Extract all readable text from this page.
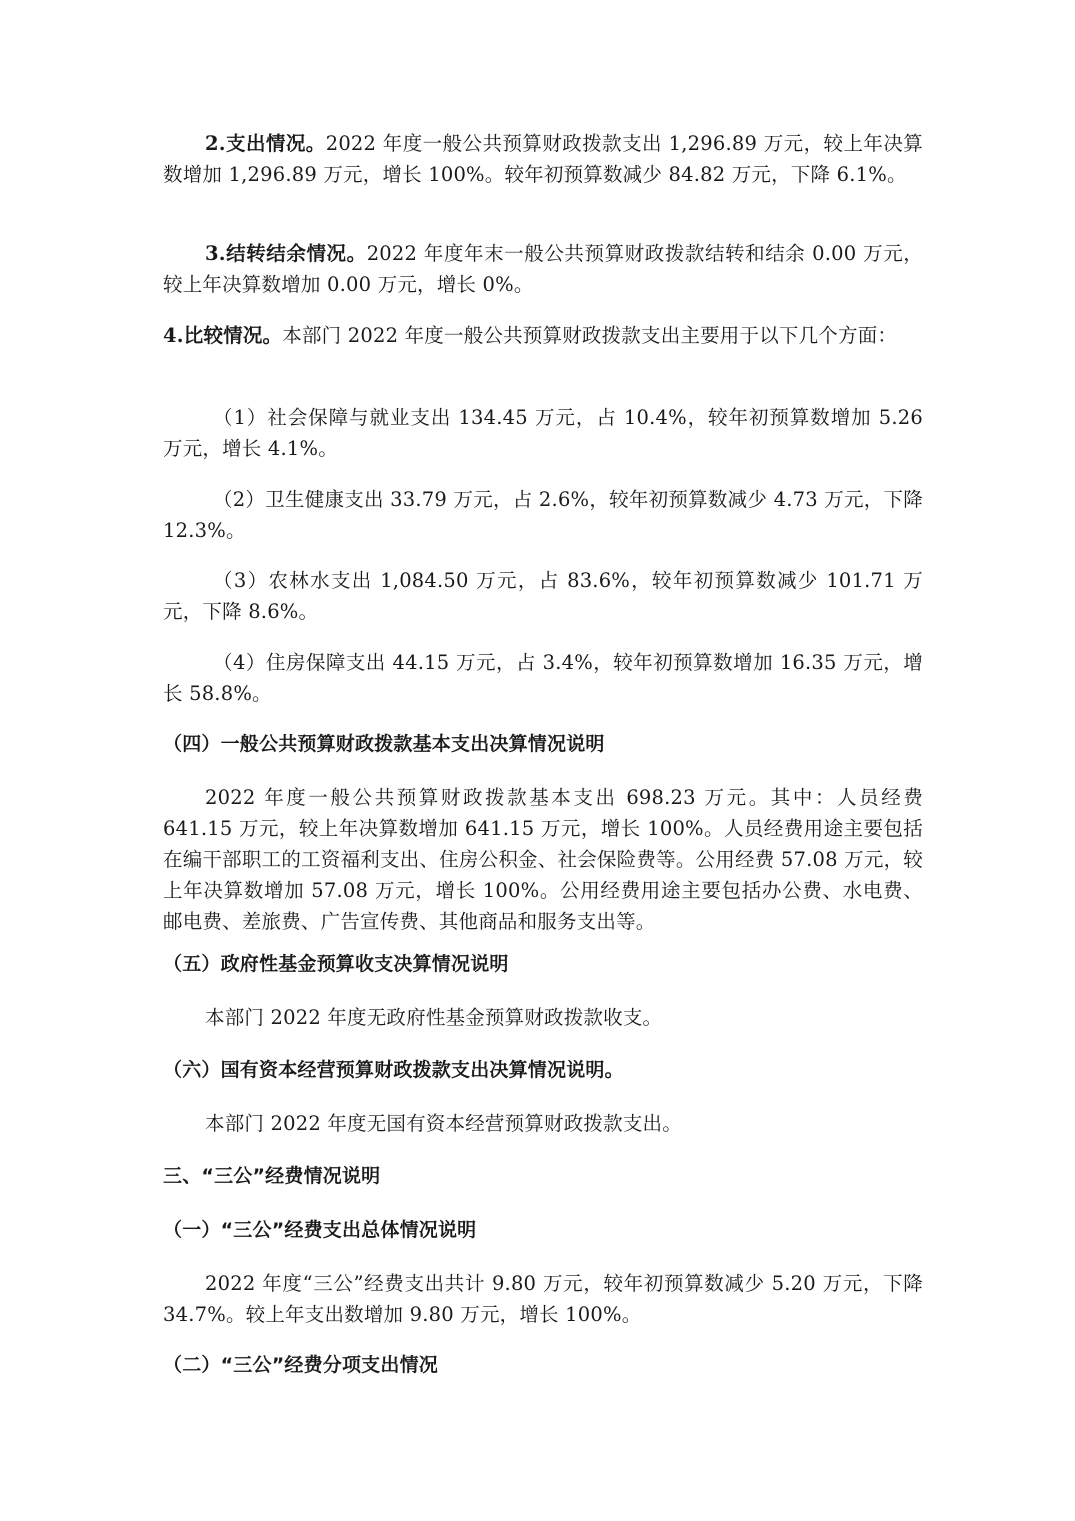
2.支出情况。2022 年度一般公共预算财政拨款支出 1,296.89 万元，较上年决算数增加 1,296.89 万元，增长 100%。较年初预算数减少 84.82 万元，下降 6.1%。

3.结转结余情况。2022 年度年末一般公共预算财政拨款结转和结余 0.00 万元，较上年决算数增加 0.00 万元，增长 0%。

4.比较情况。本部门 2022 年度一般公共预算财政拨款支出主要用于以下几个方面：

（1）社会保障与就业支出 134.45 万元，占 10.4%，较年初预算数增加 5.26 万元，增长 4.1%。

（2）卫生健康支出 33.79 万元，占 2.6%，较年初预算数减少 4.73 万元，下降 12.3%。

（3）农林水支出 1,084.50 万元，占 83.6%，较年初预算数减少 101.71 万元，下降 8.6%。

（4）住房保障支出 44.15 万元，占 3.4%，较年初预算数增加 16.35 万元，增长 58.8%。

（四）一般公共预算财政拨款基本支出决算情况说明

2022 年度一般公共预算财政拨款基本支出 698.23 万元。其中：人员经费 641.15 万元，较上年决算数增加 641.15 万元，增长 100%。人员经费用途主要包括在编干部职工的工资福利支出、住房公积金、社会保险费等。公用经费 57.08 万元，较上年决算数增加 57.08 万元，增长 100%。公用经费用途主要包括办公费、水电费、邮电费、差旅费、广告宣传费、其他商品和服务支出等。

（五）政府性基金预算收支决算情况说明

本部门 2022 年度无政府性基金预算财政拨款收支。

（六）国有资本经营预算财政拨款支出决算情况说明。

本部门 2022 年度无国有资本经营预算财政拨款支出。

三、“三公”经费情况说明

（一）“三公”经费支出总体情况说明

2022 年度“三公”经费支出共计 9.80 万元，较年初预算数减少 5.20 万元，下降 34.7%。较上年支出数增加 9.80 万元，增长 100%。

（二）“三公”经费分项支出情况
